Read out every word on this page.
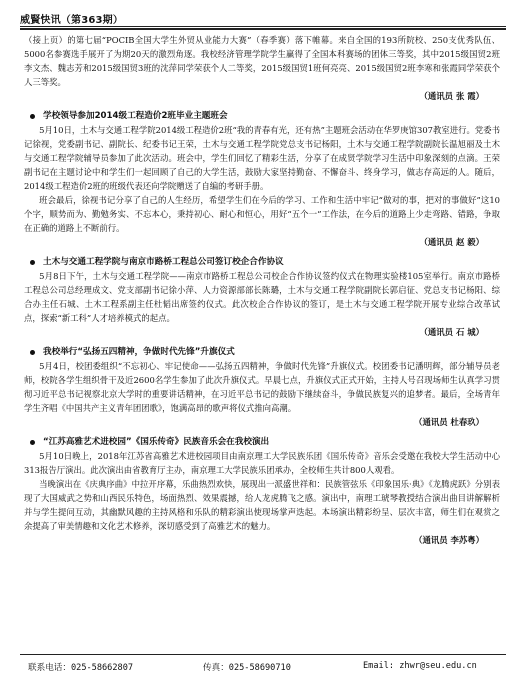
威賢快讯（第363期）

（接上页）的第七届“POCIB全国大学生外贸从业能力大赛”（春季赛）落下帷幕。来自全国的193所院校、250支优秀队伍、5000名参赛选手展开了为期20天的激烈角逐。我校经济管理学院学生赢得了全国本科赛场的团体三等奖，其中2015级国贸2班李文杰、魏志芳和2015级国贸3班的沈萍同学荣获个人二等奖，2015级国贸1班何亮亮、2015级国贸2班李寒和张霞同学荣获个人三等奖。

（通讯员 张 霞）

学校领导参加2014级工程造价2班毕业主题班会

5月10日，土木与交通工程学院2014级工程造价2班“我的青春有光，还有热”主题班会活动在华罗庚馆307教室进行。党委书记徐视，党委副书记、副院长、纪委书记王荣，土木与交通工程学院党总支书记杨阳，土木与交通工程学院副院长温旭丽及土木与交通工程学院辅导员参加了此次活动。班会中，学生们回忆了精彩生活，分享了在成贤学院学习生活中印象深刻的点滴。王荣副书记在主题讨论中和学生们一起回顾了自己的大学生活，鼓励大家坚持勤奋、不懈奋斗、终身学习，做志存高远的人。随后，2014级工程造价2班的班级代表还向学院赠送了自编的考研手册。

班会最后，徐视书记分享了自己的人生经历，希望学生们在今后的学习、工作和生活中牢记“做对的事，把对的事做好”这10个字，顺势而为、勤勉务实、不忘本心，秉持初心、耐心和恒心，用好“五个一”工作法，在今后的道路上少走弯路、错路，争取在正确的道路上不断前行。

（通讯员 赵 毅）

土木与交通工程学院与南京市路桥工程总公司签订校企合作协议

5月8日下午，土木与交通工程学院——南京市路桥工程总公司校企合作协议签约仪式在物理实验楼105室举行。南京市路桥工程总公司总经理成文、党支部副书记徐小萍、人力资源部部长陈璐，土木与交通工程学院副院长郭启征、党总支书记杨阳、综合办主任石城、土木工程系副主任杜韬出席签约仪式。此次校企合作协议的签订，是土木与交通工程学院开展专业综合改革试点，探索“新工科”人才培养模式的起点。

（通讯员 石 城）

我校举行“弘扬五四精神，争做时代先锋”升旗仪式

5月4日，校团委组织“不忘初心、牢记使命——弘扬五四精神，争做时代先锋”升旗仪式。校团委书记潘明辉，部分辅导员老师，校院各学生组织骨干及近2600名学生参加了此次升旗仪式。早晨七点，升旗仪式正式开始，主持人号召现场师生认真学习贯彻习近平总书记视察北京大学时的重要讲话精神，在习近平总书记的鼓励下继续奋斗，争做民族复兴的追梦者。最后，全场青年学生齐唱《中国共产主义青年团团歌》，饱满高昂的歌声将仪式推向高潮。

（通讯员 杜春玖）

“江苏高雅艺术进校园”《国乐传奇》民族音乐会在我校演出

5月10日晚上，2018年江苏省高雅艺术进校园项目由南京理工大学民族乐团《国乐传奇》音乐会受邀在我校大学生活动中心313报告厅演出。此次演出由省教育厅主办，南京理工大学民族乐团承办，全校师生共计800人观看。

当晚演出在《庆典序曲》中拉开序幕，乐曲热烈欢快，展现出一派盛世祥和：民族管弦乐《印象国乐·典》《龙腾虎跃》分别表现了大国威武之势和山西民乐特色，场面热烈、效果震撼，给人龙虎腾飞之感。演出中，南理工琥琴教授结合演出曲目讲解解析并与学生提问互动，其幽默风趣的主持风格和乐队的精彩演出使现场掌声迭起。本场演出精彩纷呈、层次丰富，师生们在观赏之余提高了审美情趣和文化艺术修养，深切感受到了高雅艺术的魅力。

（通讯员 李苏粤）

联系电话：025-58662807	传真：025-58690710	Email: zhwr@seu.edu.cn
